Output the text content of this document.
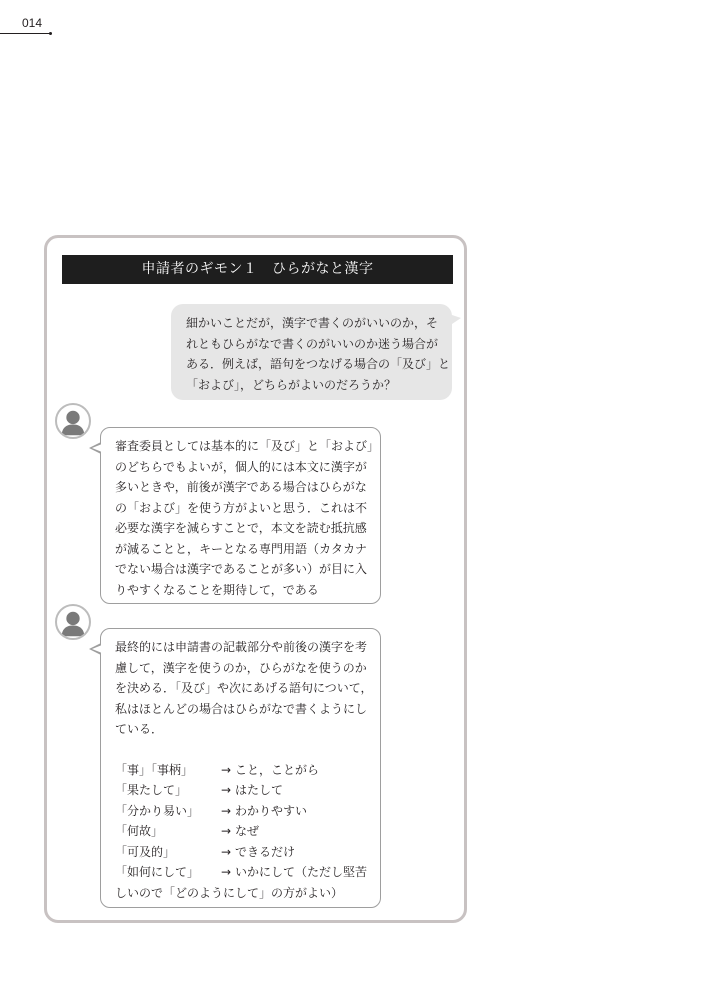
014
申請者のギモン１　ひらがなと漢字
細かいことだが，漢字で書くのがいいのか，そ
れともひらがなで書くのがいいのか迷う場合が
ある．例えば，語句をつなげる場合の「及び」と
「および」，どちらがよいのだろうか？
審査委員としては基本的に「及び」と「および」
のどちらでもよいが，個人的には本文に漢字が
多いときや，前後が漢字である場合はひらがな
の「および」を使う方がよいと思う．これは不
必要な漢字を減らすことで，本文を読む抵抗感
が減ることと，キーとなる専門用語（カタカナ
でない場合は漢字であることが多い）が目に入
りやすくなることを期待して，である
最終的には申請書の記載部分や前後の漢字を考
慮して，漢字を使うのか，ひらがなを使うのか
を決める．「及び」や次にあげる語句について，
私はほとんどの場合はひらがなで書くようにし
ている．
「事」「事柄」	→ こと，ことがら
「果たして」	→ はたして
「分かり易い」	→ わかりやすい
「何故」	→ なぜ
「可及的」	→ できるだけ
「如何にして」	→ いかにして（ただし堅苦
しいので「どのようにして」の方がよい）
